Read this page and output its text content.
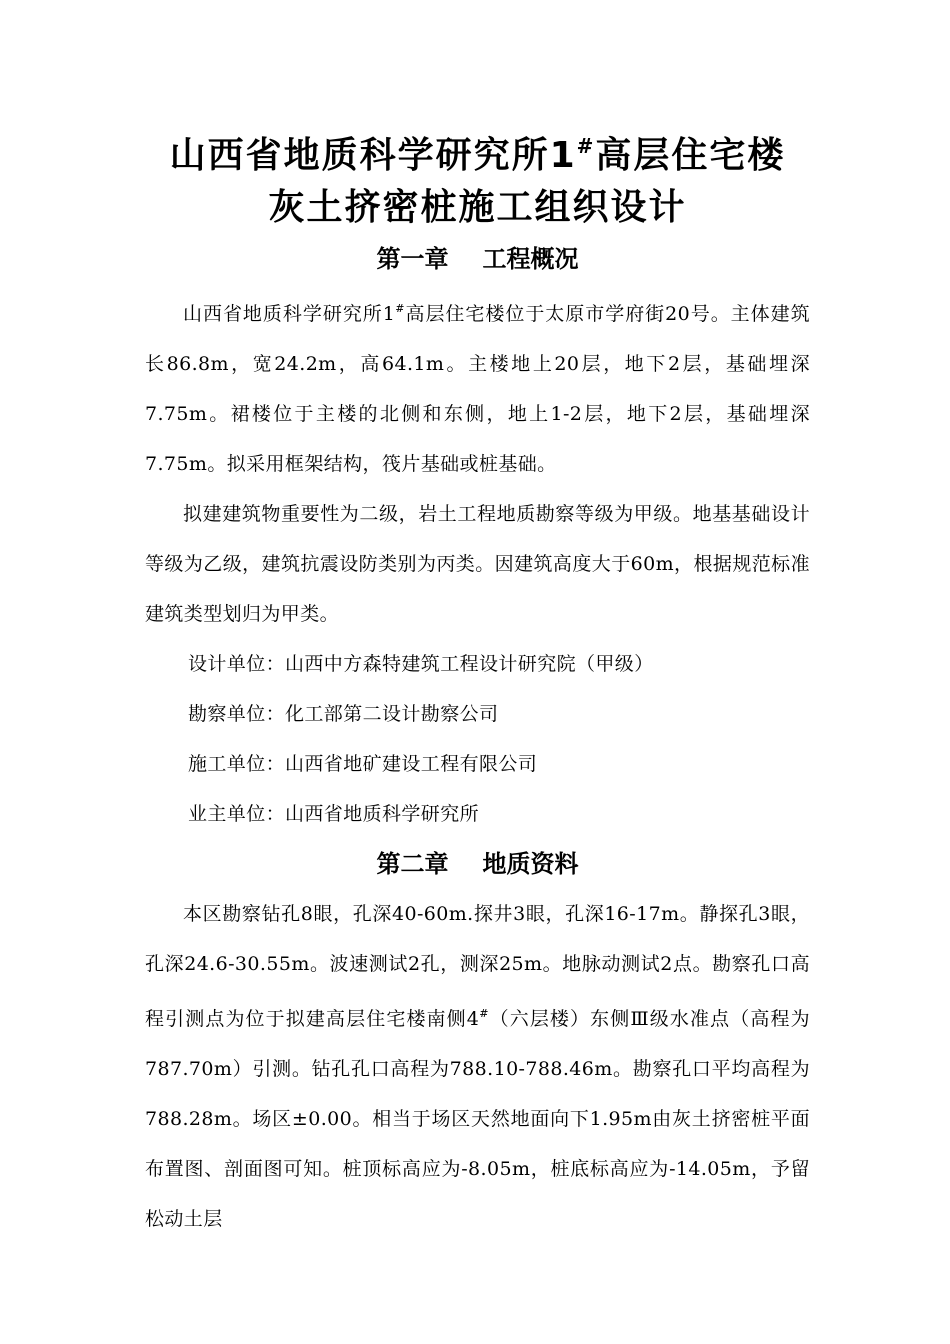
山西省地质科学研究所1#高层住宅楼
灰土挤密桩施工组织设计
第一章 工程概况

山西省地质科学研究所1#高层住宅楼位于太原市学府街20号。主体建筑长86.8m，宽24.2m，高64.1m。主楼地上20层，地下2层，基础埋深7.75m。裙楼位于主楼的北侧和东侧，地上1-2层，地下2层，基础埋深7.75m。拟采用框架结构，筏片基础或桩基础。

拟建建筑物重要性为二级，岩土工程地质勘察等级为甲级。地基基础设计等级为乙级，建筑抗震设防类别为丙类。因建筑高度大于60m，根据规范标准建筑类型划归为甲类。

设计单位：山西中方森特建筑工程设计研究院（甲级）

勘察单位：化工部第二设计勘察公司

施工单位：山西省地矿建设工程有限公司

业主单位：山西省地质科学研究所

第二章 地质资料

本区勘察钻孔8眼，孔深40-60m.探井3眼，孔深16-17m。静探孔3眼，孔深24.6-30.55m。波速测试2孔，测深25m。地脉动测试2点。勘察孔口高程引测点为位于拟建高层住宅楼南侧4#（六层楼）东侧Ⅲ级水准点（高程为787.70m）引测。钻孔孔口高程为788.10-788.46m。勘察孔口平均高程为788.28m。场区±0.00。相当于场区天然地面向下1.95m由灰土挤密桩平面布置图、剖面图可知。桩顶标高应为-8.05m，桩底标高应为-14.05m，予留松动土层
